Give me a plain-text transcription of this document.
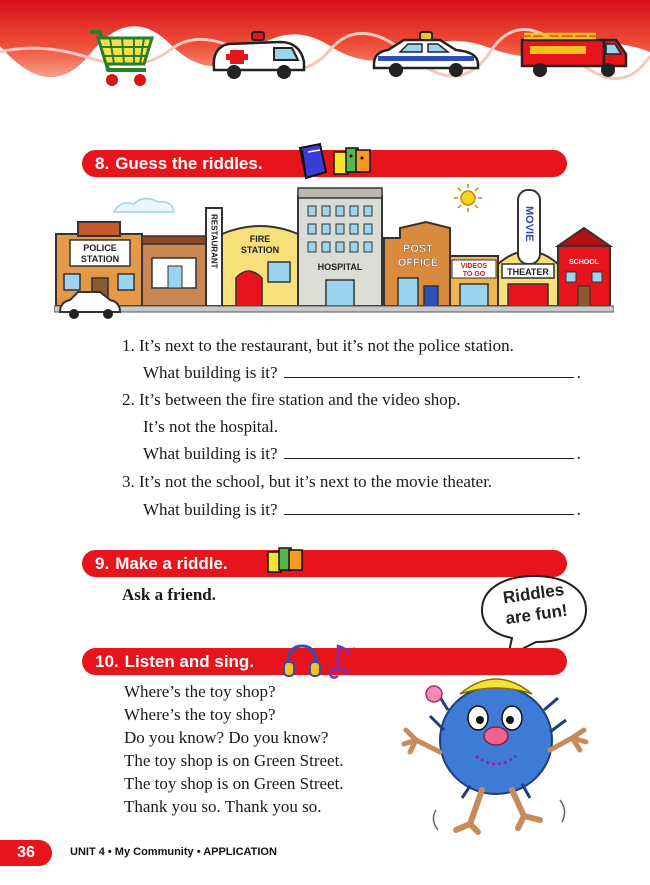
8. Guess the riddles.
POLICE
STATION	RESTAURANT	FIRE
STATION
HOSPITAL
POST
OFFICE	VIDEOS
TO GO
MOVIE
THEATER
SCHOOL
1. It’s next to the restaurant, but it’s not the police station.
What building is it?	.
2. It’s between the fire station and the video shop.
It’s not the hospital.
What building is it?	.
3. It’s not the school, but it’s next to the movie theater.
What building is it?	.
9. Make a riddle.
Ask a friend.	Riddles
are fun!
10. Listen and sing.
Where’s the toy shop?
Where’s the toy shop?
Do you know? Do you know?
The toy shop is on Green Street.
The toy shop is on Green Street.
Thank you so. Thank you so.
36	UNIT 4 • My Community • APPLICATION
